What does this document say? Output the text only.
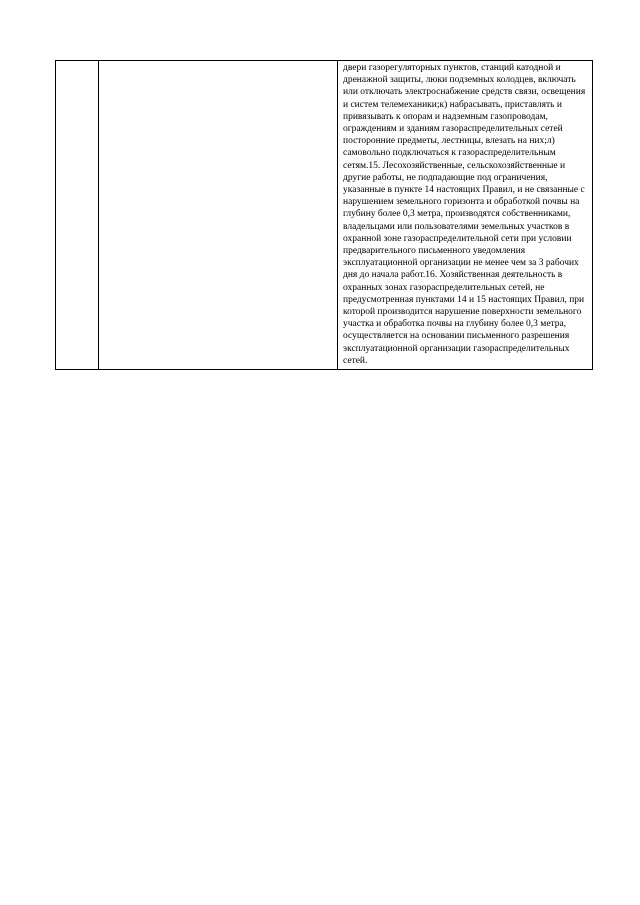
двери газорегуляторных пунктов, станций катодной и дренажной защиты, люки подземных колодцев, включать или отключать электроснабжение средств связи, освещения и систем телемеханики;к) набрасывать, приставлять и привязывать к опорам и надземным газопроводам, ограждениям и зданиям газораспределительных сетей посторонние предметы, лестницы, влезать на них;л) самовольно подключаться к газораспределительным сетям.15. Лесохозяйственные, сельскохозяйственные и другие работы, не подпадающие под ограничения, указанные в пункте 14 настоящих Правил, и не связанные с нарушением земельного горизонта и обработкой почвы на глубину более 0,3 метра, производятся собственниками, владельцами или пользователями земельных участков в охранной зоне газораспределительной сети при условии предварительного письменного уведомления эксплуатационной организации не менее чем за 3 рабочих дня до начала работ.16. Хозяйственная деятельность в охранных зонах газораспределительных сетей, не предусмотренная пунктами 14 и 15 настоящих Правил, при которой производится нарушение поверхности земельного участка и обработка почвы на глубину более 0,3 метра, осуществляется на основании письменного разрешения эксплуатационной организации газораспределительных сетей.
